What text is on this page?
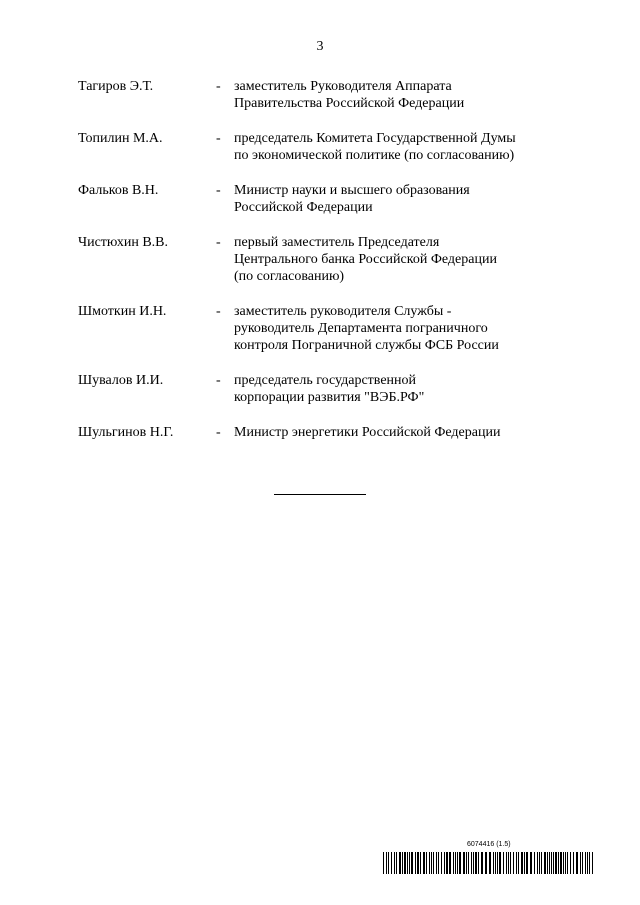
3
Тагиров Э.Т.	- заместитель Руководителя Аппарата
Правительства Российской Федерации
Топилин М.А.	- председатель Комитета Государственной Думы
по экономической политике (по согласованию)
Фальков В.Н.	- Министр науки и высшего образования
Российской Федерации
Чистюхин В.В.	- первый заместитель Председателя
Центрального банка Российской Федерации
(по согласованию)
Шмоткин И.Н.	- заместитель руководителя Службы -
руководитель Департамента пограничного
контроля Пограничной службы ФСБ России
Шувалов И.И.	- председатель государственной
корпорации развития "ВЭБ.РФ"
Шульгинов Н.Г.	- Министр энергетики Российской Федерации
6074416 (1.5)
